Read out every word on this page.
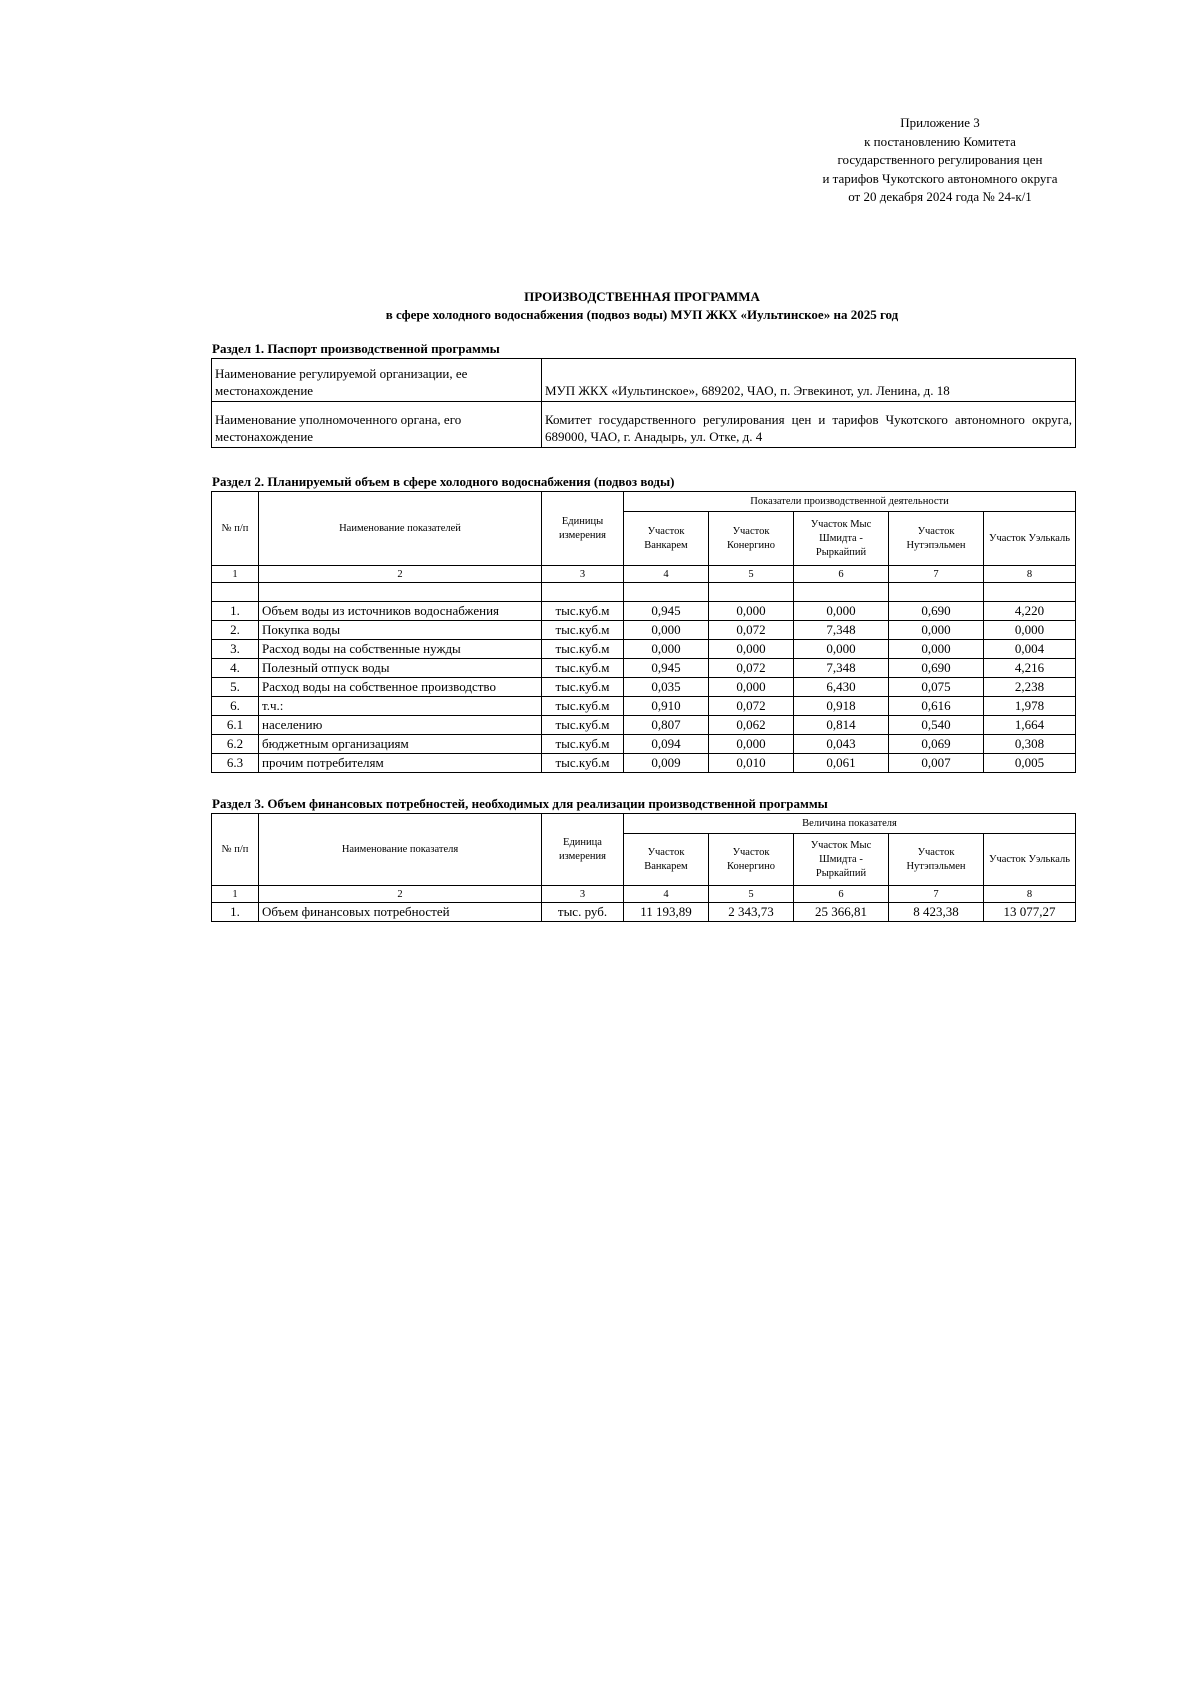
Приложение 3
к постановлению Комитета
государственного регулирования цен
и тарифов Чукотского автономного округа
от 20 декабря 2024 года № 24-к/1
ПРОИЗВОДСТВЕННАЯ ПРОГРАММА
в сфере холодного водоснабжения (подвоз воды) МУП ЖКХ «Иультинское» на 2025 год
Раздел 1. Паспорт производственной программы
Наименование регулируемой организации, ее местонахождение	МУП ЖКХ «Иультинское», 689202, ЧАО, п. Эгвекинот, ул. Ленина, д. 18
Наименование уполномоченного органа, его местонахождение	Комитет государственного регулирования цен и тарифов Чукотского автономного округа, 689000, ЧАО, г. Анадырь, ул. Отке, д. 4
Раздел 2. Планируемый объем в сфере холодного водоснабжения (подвоз воды)
№ п/п	Наименование показателей	Единицы измерения	Показатели производственной деятельности				
			Участок Ванкарем	Участок Конергино	Участок Мыс Шмидта - Рыркайпий	Участок Нутэпэльмен	Участок Уэлькаль
1	2	3	4	5	6	7	8

1.	Объем воды из источников водоснабжения	тыс.куб.м	0,945	0,000	0,000	0,690	4,220
2.	Покупка воды	тыс.куб.м	0,000	0,072	7,348	0,000	0,000
3.	Расход воды на собственные нужды	тыс.куб.м	0,000	0,000	0,000	0,000	0,004
4.	Полезный отпуск воды	тыс.куб.м	0,945	0,072	7,348	0,690	4,216
5.	Расход воды на собственное производство	тыс.куб.м	0,035	0,000	6,430	0,075	2,238
6.	т.ч.:	тыс.куб.м	0,910	0,072	0,918	0,616	1,978
6.1	населению	тыс.куб.м	0,807	0,062	0,814	0,540	1,664
6.2	бюджетным организациям	тыс.куб.м	0,094	0,000	0,043	0,069	0,308
6.3	прочим потребителям	тыс.куб.м	0,009	0,010	0,061	0,007	0,005
Раздел 3. Объем финансовых потребностей, необходимых для реализации производственной программы
№ п/п	Наименование показателя	Единица измерения	Величина показателя				
			Участок Ванкарем	Участок Конергино	Участок Мыс Шмидта - Рыркайпий	Участок Нутэпэльмен	Участок Уэлькаль
1	2	3	4	5	6	7	8
1.	Объем финансовых потребностей	тыс. руб.	11 193,89	2 343,73	25 366,81	8 423,38	13 077,27
